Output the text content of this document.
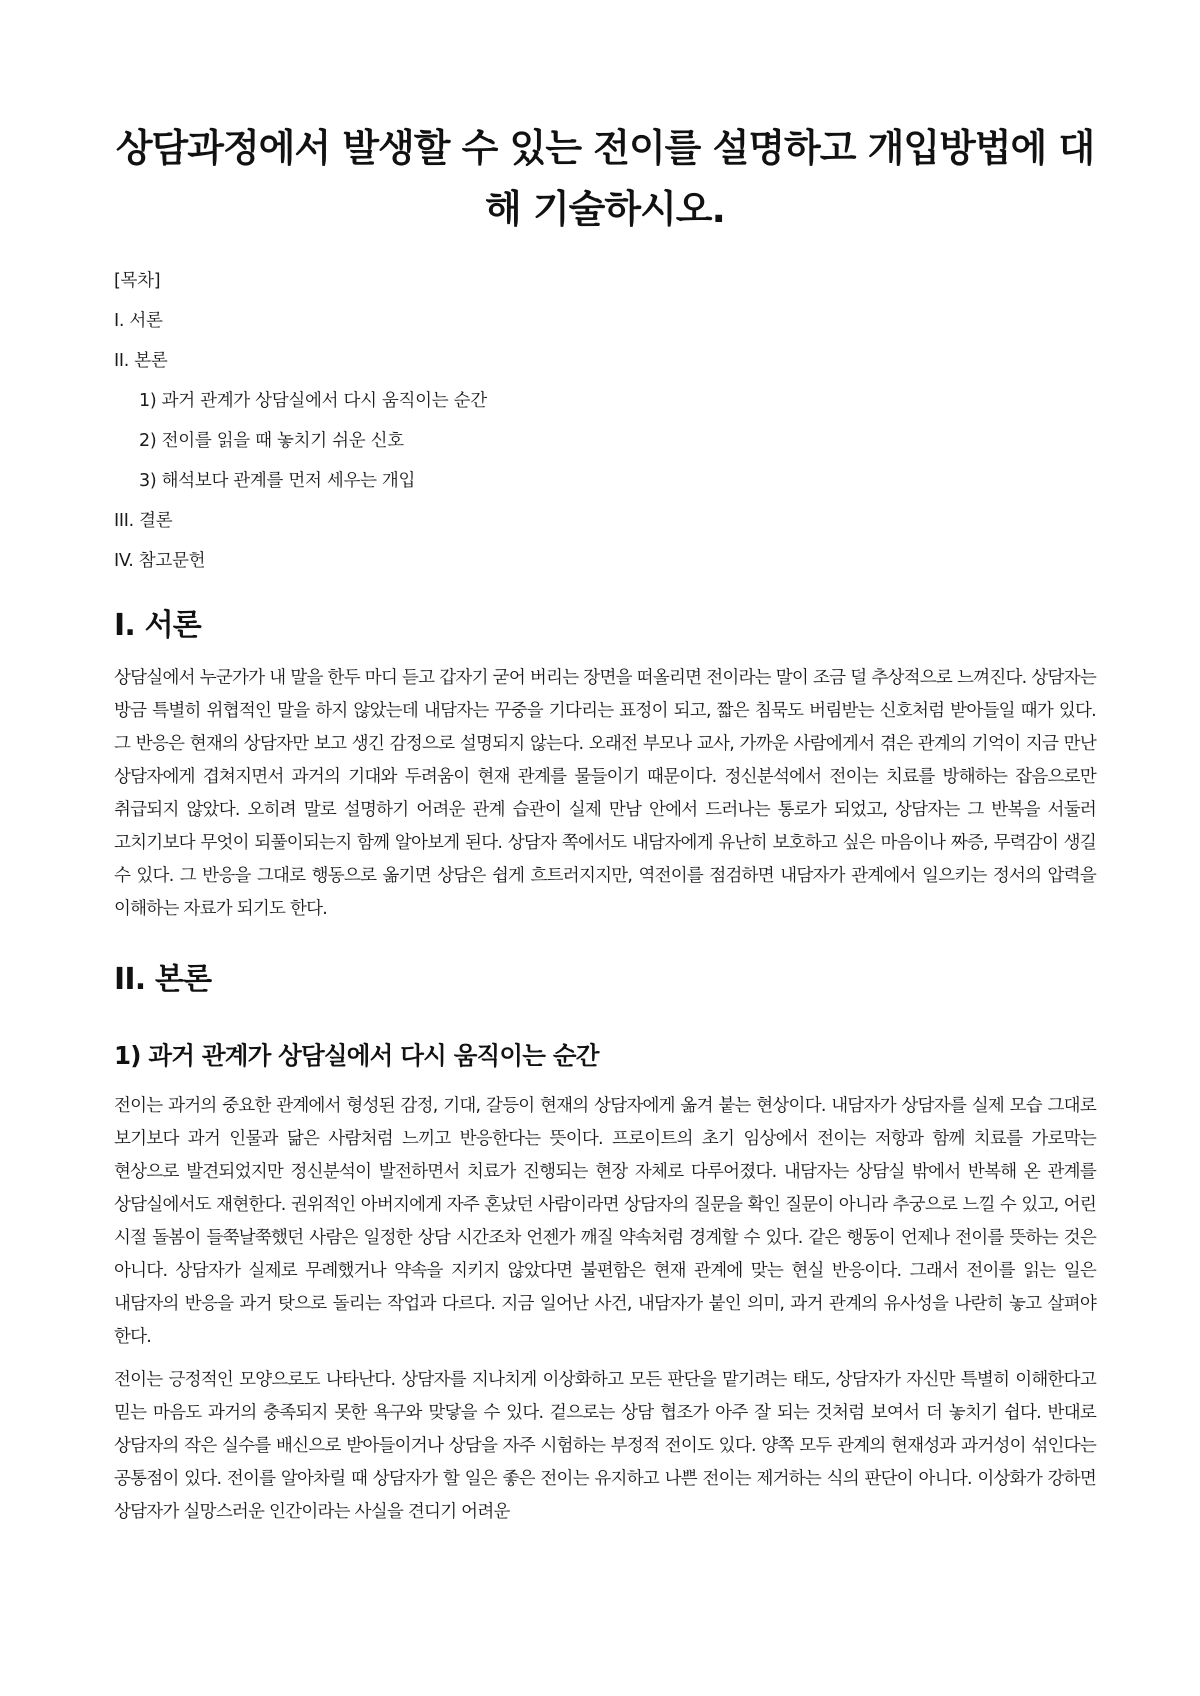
상담과정에서 발생할 수 있는 전이를 설명하고 개입방법에 대해 기술하시오.
[목차]
I. 서론
II. 본론
1) 과거 관계가 상담실에서 다시 움직이는 순간
2) 전이를 읽을 때 놓치기 쉬운 신호
3) 해석보다 관계를 먼저 세우는 개입
III. 결론
IV. 참고문헌
I. 서론

상담실에서 누군가가 내 말을 한두 마디 듣고 갑자기 굳어 버리는 장면을 떠올리면 전이라는 말이 조금 덜 추상적으로 느껴진다. 상담자는 방금 특별히 위협적인 말을 하지 않았는데 내담자는 꾸중을 기다리는 표정이 되고, 짧은 침묵도 버림받는 신호처럼 받아들일 때가 있다. 그 반응은 현재의 상담자만 보고 생긴 감정으로 설명되지 않는다. 오래전 부모나 교사, 가까운 사람에게서 겪은 관계의 기억이 지금 만난 상담자에게 겹쳐지면서 과거의 기대와 두려움이 현재 관계를 물들이기 때문이다. 정신분석에서 전이는 치료를 방해하는 잡음으로만 취급되지 않았다. 오히려 말로 설명하기 어려운 관계 습관이 실제 만남 안에서 드러나는 통로가 되었고, 상담자는 그 반복을 서둘러 고치기보다 무엇이 되풀이되는지 함께 알아보게 된다. 상담자 쪽에서도 내담자에게 유난히 보호하고 싶은 마음이나 짜증, 무력감이 생길 수 있다. 그 반응을 그대로 행동으로 옮기면 상담은 쉽게 흐트러지지만, 역전이를 점검하면 내담자가 관계에서 일으키는 정서의 압력을 이해하는 자료가 되기도 한다.

II. 본론
1) 과거 관계가 상담실에서 다시 움직이는 순간

전이는 과거의 중요한 관계에서 형성된 감정, 기대, 갈등이 현재의 상담자에게 옮겨 붙는 현상이다. 내담자가 상담자를 실제 모습 그대로 보기보다 과거 인물과 닮은 사람처럼 느끼고 반응한다는 뜻이다. 프로이트의 초기 임상에서 전이는 저항과 함께 치료를 가로막는 현상으로 발견되었지만 정신분석이 발전하면서 치료가 진행되는 현장 자체로 다루어졌다. 내담자는 상담실 밖에서 반복해 온 관계를 상담실에서도 재현한다. 권위적인 아버지에게 자주 혼났던 사람이라면 상담자의 질문을 확인 질문이 아니라 추궁으로 느낄 수 있고, 어린 시절 돌봄이 들쭉날쭉했던 사람은 일정한 상담 시간조차 언젠가 깨질 약속처럼 경계할 수 있다. 같은 행동이 언제나 전이를 뜻하는 것은 아니다. 상담자가 실제로 무례했거나 약속을 지키지 않았다면 불편함은 현재 관계에 맞는 현실 반응이다. 그래서 전이를 읽는 일은 내담자의 반응을 과거 탓으로 돌리는 작업과 다르다. 지금 일어난 사건, 내담자가 붙인 의미, 과거 관계의 유사성을 나란히 놓고 살펴야 한다.

전이는 긍정적인 모양으로도 나타난다. 상담자를 지나치게 이상화하고 모든 판단을 맡기려는 태도, 상담자가 자신만 특별히 이해한다고 믿는 마음도 과거의 충족되지 못한 욕구와 맞닿을 수 있다. 겉으로는 상담 협조가 아주 잘 되는 것처럼 보여서 더 놓치기 쉽다. 반대로 상담자의 작은 실수를 배신으로 받아들이거나 상담을 자주 시험하는 부정적 전이도 있다. 양쪽 모두 관계의 현재성과 과거성이 섞인다는 공통점이 있다. 전이를 알아차릴 때 상담자가 할 일은 좋은 전이는 유지하고 나쁜 전이는 제거하는 식의 판단이 아니다. 이상화가 강하면 상담자가 실망스러운 인간이라는 사실을 견디기 어려운
